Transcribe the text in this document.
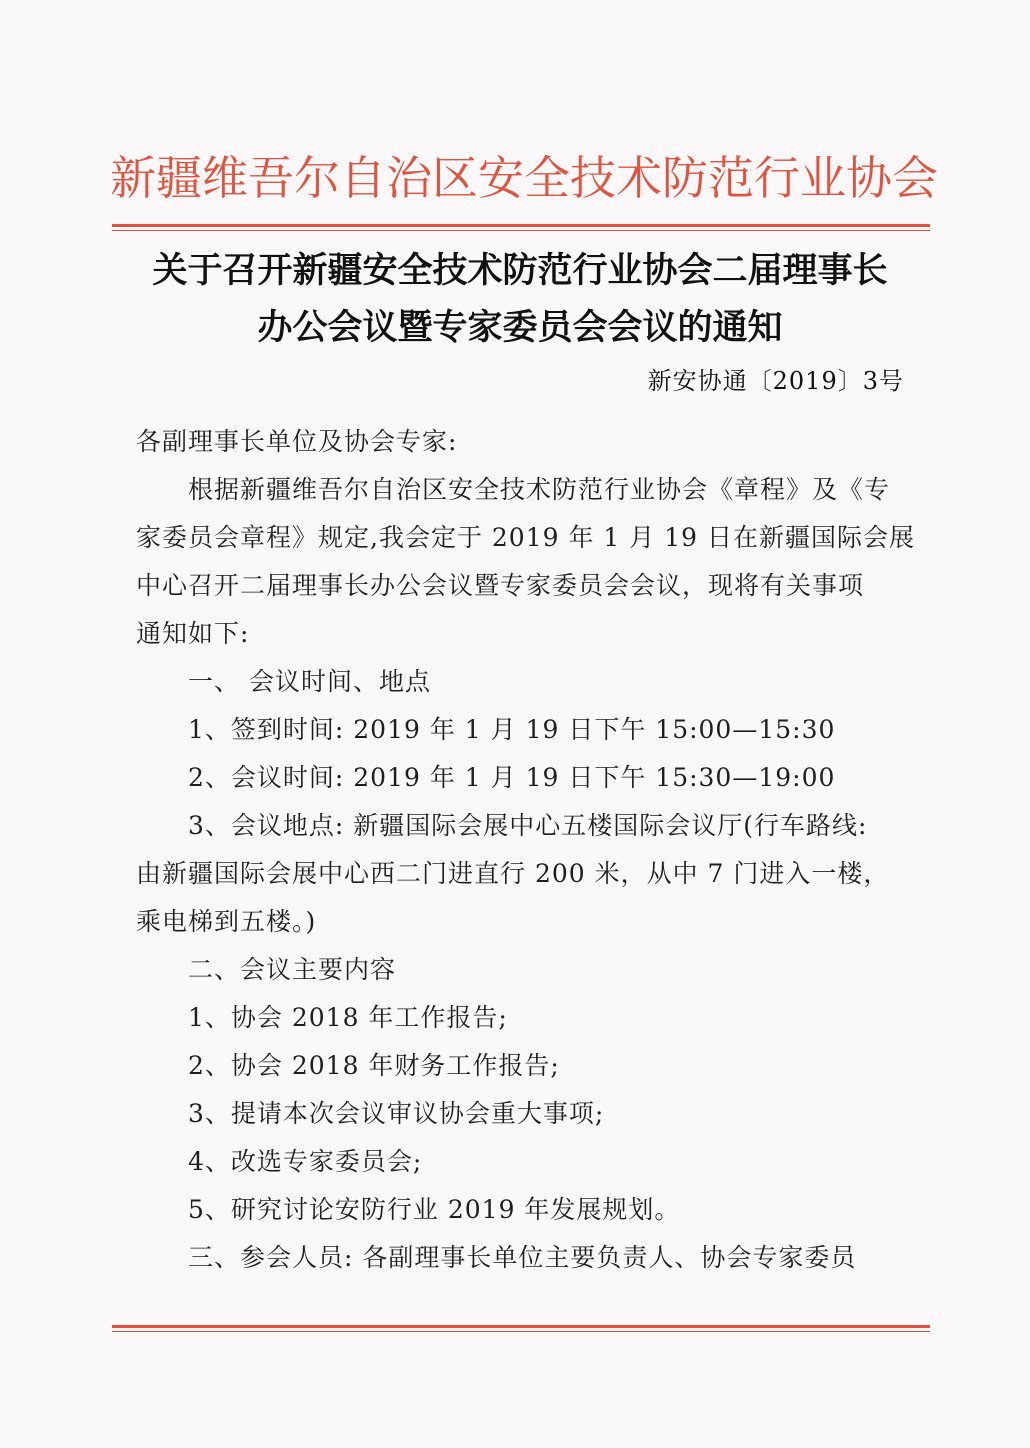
新疆维吾尔自治区安全技术防范行业协会
关于召开新疆安全技术防范行业协会二届理事长
办公会议暨专家委员会会议的通知
新安协通〔2019〕3号
各副理事长单位及协会专家:
根据新疆维吾尔自治区安全技术防范行业协会《章程》及《专
家委员会章程》规定,我会定于 2019 年 1 月 19 日在新疆国际会展
中心召开二届理事长办公会议暨专家委员会会议，现将有关事项
通知如下:
一、 会议时间、地点
1、签到时间: 2019 年 1 月 19 日下午 15:00—15:30
2、会议时间: 2019 年 1 月 19 日下午 15:30—19:00
3、会议地点: 新疆国际会展中心五楼国际会议厅(行车路线:
由新疆国际会展中心西二门进直行 200 米，从中 7 门进入一楼，
乘电梯到五楼。)
二、会议主要内容
1、协会 2018 年工作报告;
2、协会 2018 年财务工作报告;
3、提请本次会议审议协会重大事项;
4、改选专家委员会;
5、研究讨论安防行业 2019 年发展规划。
三、参会人员: 各副理事长单位主要负责人、协会专家委员
